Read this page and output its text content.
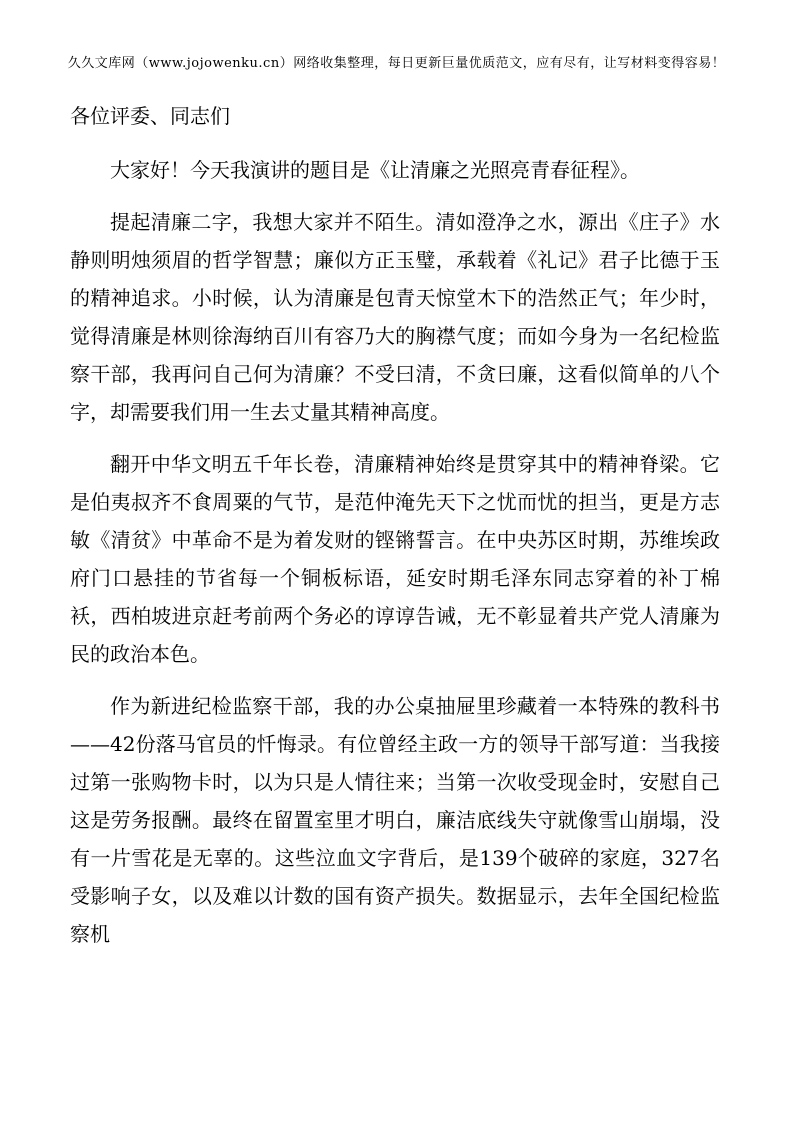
久久文库网（www.jojowenku.cn）网络收集整理，每日更新巨量优质范文，应有尽有，让写材料变得容易！

各位评委、同志们

大家好！今天我演讲的题目是《让清廉之光照亮青春征程》。

提起清廉二字，我想大家并不陌生。清如澄净之水，源出《庄子》水静则明烛须眉的哲学智慧；廉似方正玉璧，承载着《礼记》君子比德于玉的精神追求。小时候，认为清廉是包青天惊堂木下的浩然正气；年少时，觉得清廉是林则徐海纳百川有容乃大的胸襟气度；而如今身为一名纪检监察干部，我再问自己何为清廉？不受曰清，不贪曰廉，这看似简单的八个字，却需要我们用一生去丈量其精神高度。

翻开中华文明五千年长卷，清廉精神始终是贯穿其中的精神脊梁。它是伯夷叔齐不食周粟的气节，是范仲淹先天下之忧而忧的担当，更是方志敏《清贫》中革命不是为着发财的铿锵誓言。在中央苏区时期，苏维埃政府门口悬挂的节省每一个铜板标语，延安时期毛泽东同志穿着的补丁棉袄，西柏坡进京赶考前两个务必的谆谆告诫，无不彰显着共产党人清廉为民的政治本色。

作为新进纪检监察干部，我的办公桌抽屉里珍藏着一本特殊的教科书——42份落马官员的忏悔录。有位曾经主政一方的领导干部写道：当我接过第一张购物卡时，以为只是人情往来；当第一次收受现金时，安慰自己这是劳务报酬。最终在留置室里才明白，廉洁底线失守就像雪山崩塌，没有一片雪花是无辜的。这些泣血文字背后，是139个破碎的家庭，327名受影响子女，以及难以计数的国有资产损失。数据显示，去年全国纪检监察机
